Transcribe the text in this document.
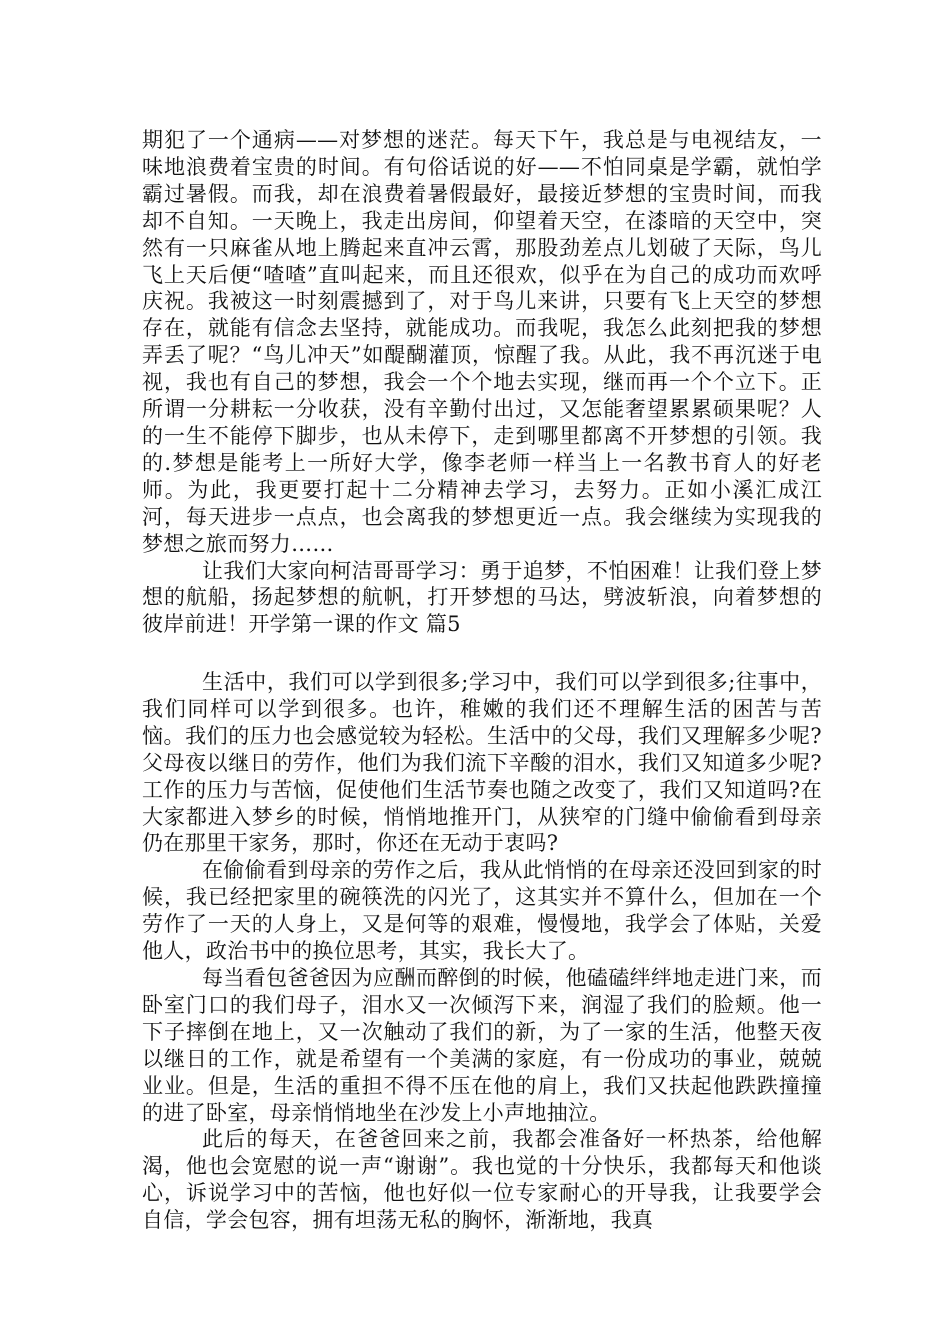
期犯了一个通病——对梦想的迷茫。每天下午，我总是与电视结友，一味地浪费着宝贵的时间。有句俗话说的好——不怕同桌是学霸，就怕学霸过暑假。而我，却在浪费着暑假最好，最接近梦想的宝贵时间，而我却不自知。一天晚上，我走出房间，仰望着天空，在漆暗的天空中，突然有一只麻雀从地上腾起来直冲云霄，那股劲差点儿划破了天际，鸟儿飞上天后便“喳喳”直叫起来，而且还很欢，似乎在为自己的成功而欢呼庆祝。我被这一时刻震撼到了，对于鸟儿来讲，只要有飞上天空的梦想存在，就能有信念去坚持，就能成功。而我呢，我怎么此刻把我的梦想弄丢了呢？“鸟儿冲天”如醍醐灌顶，惊醒了我。从此，我不再沉迷于电视，我也有自己的梦想，我会一个个地去实现，继而再一个个立下。正所谓一分耕耘一分收获，没有辛勤付出过，又怎能奢望累累硕果呢？人的一生不能停下脚步，也从未停下，走到哪里都离不开梦想的引领。我的.梦想是能考上一所好大学，像李老师一样当上一名教书育人的好老师。为此，我更要打起十二分精神去学习，去努力。正如小溪汇成江河，每天进步一点点，也会离我的梦想更近一点。我会继续为实现我的梦想之旅而努力……

让我们大家向柯洁哥哥学习：勇于追梦，不怕困难！让我们登上梦想的航船，扬起梦想的航帆，打开梦想的马达，劈波斩浪，向着梦想的彼岸前进！开学第一课的作文 篇5

生活中，我们可以学到很多;学习中，我们可以学到很多;往事中，我们同样可以学到很多。也许，稚嫩的我们还不理解生活的困苦与苦恼。我们的压力也会感觉较为轻松。生活中的父母，我们又理解多少呢?父母夜以继日的劳作，他们为我们流下辛酸的泪水，我们又知道多少呢?工作的压力与苦恼，促使他们生活节奏也随之改变了，我们又知道吗?在大家都进入梦乡的时候，悄悄地推开门，从狭窄的门缝中偷偷看到母亲仍在那里干家务，那时，你还在无动于衷吗?

在偷偷看到母亲的劳作之后，我从此悄悄的在母亲还没回到家的时候，我已经把家里的碗筷洗的闪光了，这其实并不算什么，但加在一个劳作了一天的人身上，又是何等的艰难，慢慢地，我学会了体贴，关爱他人，政治书中的换位思考，其实，我长大了。

每当看包爸爸因为应酬而醉倒的时候，他磕磕绊绊地走进门来，而卧室门口的我们母子，泪水又一次倾泻下来，润湿了我们的脸颊。他一下子摔倒在地上，又一次触动了我们的新，为了一家的生活，他整天夜以继日的工作，就是希望有一个美满的家庭，有一份成功的事业，兢兢业业。但是，生活的重担不得不压在他的肩上，我们又扶起他跌跌撞撞的进了卧室，母亲悄悄地坐在沙发上小声地抽泣。

此后的每天，在爸爸回来之前，我都会准备好一杯热茶，给他解渴，他也会宽慰的说一声“谢谢”。我也觉的十分快乐，我都每天和他谈心，诉说学习中的苦恼，他也好似一位专家耐心的开导我，让我要学会自信，学会包容，拥有坦荡无私的胸怀，渐渐地，我真
